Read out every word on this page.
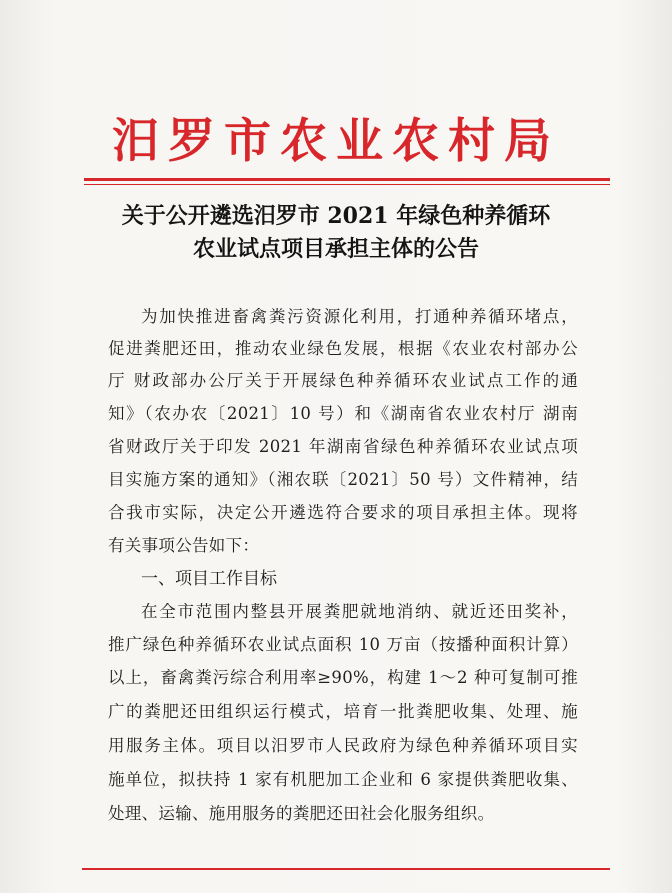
汨罗市农业农村局
关于公开遴选汨罗市 2021 年绿色种养循环
农业试点项目承担主体的公告
为加快推进畜禽粪污资源化利用，打通种养循环堵点，
促进粪肥还田，推动农业绿色发展，根据《农业农村部办公
厅 财政部办公厅关于开展绿色种养循环农业试点工作的通
知》（农办农〔2021〕10 号）和《湖南省农业农村厅 湖南
省财政厅关于印发 2021 年湖南省绿色种养循环农业试点项
目实施方案的通知》（湘农联〔2021〕50 号）文件精神，结
合我市实际，决定公开遴选符合要求的项目承担主体。现将
有关事项公告如下：
一、项目工作目标
在全市范围内整县开展粪肥就地消纳、就近还田奖补，
推广绿色种养循环农业试点面积 10 万亩（按播种面积计算）
以上，畜禽粪污综合利用率≥90%，构建 1～2 种可复制可推
广的粪肥还田组织运行模式，培育一批粪肥收集、处理、施
用服务主体。项目以汨罗市人民政府为绿色种养循环项目实
施单位，拟扶持 1 家有机肥加工企业和 6 家提供粪肥收集、
处理、运输、施用服务的粪肥还田社会化服务组织。
